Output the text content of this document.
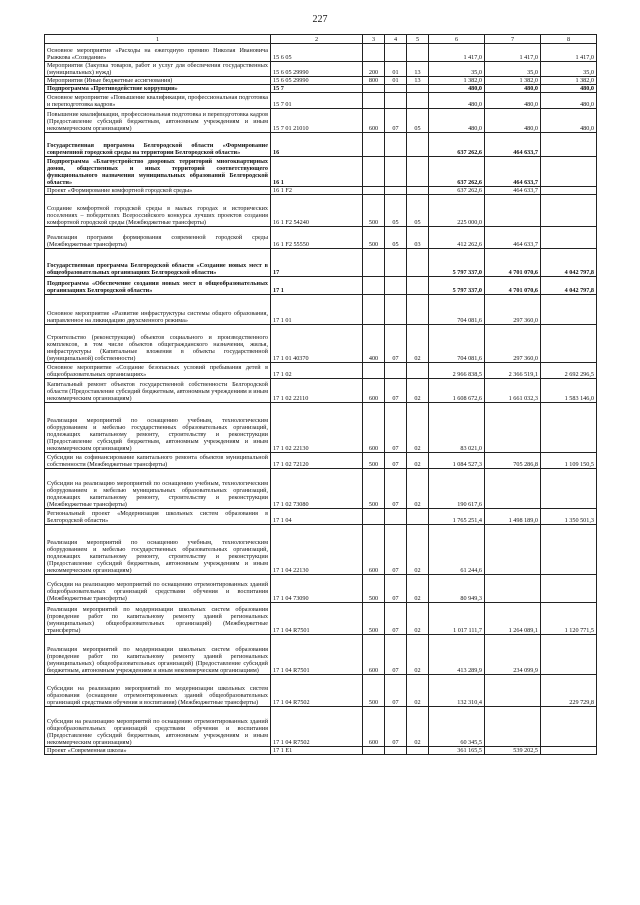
227
1	2	3	4	5	6	7	8
Основное мероприятие «Расходы на ежегодную премию Николая Ивановича Рыжкова «Созидание»	15 6 05				1 417,0	1 417,0	1 417,0
Мероприятия (Закупка товаров, работ и услуг для обеспечения государственных (муниципальных) нужд)	15 6 05 29990	200	01	13	35,0	35,0	35,0
Мероприятия (Иные бюджетные ассигнования)	15 6 05 29990	800	01	13	1 382,0	1 382,0	1 382,0
Подпрограмма «Противодействие коррупции»	15 7				480,0	480,0	480,0
Основное мероприятие «Повышение квалификации, профессиональная подготовка и переподготовка кадров»	15 7 01				480,0	480,0	480,0
Повышение квалификации, профессиональная подготовка и переподготовка кадров (Предоставление субсидий бюджетным, автономным учреждениям и иным некоммерческим организациям)	15 7 01 21010	600	07	05	480,0	480,0	480,0
Государственная программа Белгородской области «Формирование современной городской среды на территории Белгородской области»	16				637 262,6	464 633,7	
Подпрограмма «Благоустройство дворовых территорий многоквартирных домов, общественных и иных территорий соответствующего функционального назначения муниципальных образований Белгородской области»	16 1				637 262,6	464 633,7	
Проект «Формирование комфортной городской среды»	16 1 F2				637 262,6	464 633,7	
Создание комфортной городской среды в малых городах и исторических поселениях – победителях Всероссийского конкурса лучших проектов создания комфортной городской среды (Межбюджетные трансферты)	16 1 F2 54240	500	05	05	225 000,0		
Реализация программ формирования современной городской среды (Межбюджетные трансферты)	16 1 F2 55550	500	05	03	412 262,6	464 633,7	
Государственная программа Белгородской области «Создание новых мест в общеобразовательных организациях Белгородской области»	17				5 797 337,0	4 701 070,6	4 042 797,8
Подпрограмма «Обеспечение создания новых мест в общеобразовательных организациях Белгородской области»	17 1				5 797 337,0	4 701 070,6	4 042 797,8
Основное мероприятие «Развитие инфраструктуры системы общего образования, направленное на ликвидацию двухсменного режима»	17 1 01				704 081,6	297 360,0	
Строительство (реконструкция) объектов социального и производственного комплексов, в том числе объектов общегражданского назначения, жилья, инфраструктуры (Капитальные вложения в объекты государственной (муниципальной) собственности)	17 1 01 40370	400	07	02	704 081,6	297 360,0	
Основное мероприятие «Создание безопасных условий пребывания детей в общеобразовательных организациях»	17 1 02				2 966 838,5	2 366 519,1	2 692 296,5
Капитальный ремонт объектов государственной собственности Белгородской области (Предоставление субсидий бюджетным, автономным учреждениям и иным некоммерческим организациям)	17 1 02 22110	600	07	02	1 608 672,6	1 661 032,3	1 583 146,0
Реализация мероприятий по оснащению учебным, технологическим оборудованием и мебелью государственных образовательных организаций, подлежащих капитальному ремонту, строительству и реконструкции (Предоставление субсидий бюджетным, автономным учреждениям и иным некоммерческим организациям)	17 1 02 22130	600	07	02	83 021,0		
Субсидии на софинансирование капитального ремонта объектов муниципальной собственности (Межбюджетные трансферты)	17 1 02 72120	500	07	02	1 084 527,3	705 286,8	1 109 150,5
Субсидии на реализацию мероприятий по оснащению учебным, технологическим оборудованием и мебелью муниципальных образовательных организаций, подлежащих капитальному ремонту, строительству и реконструкции (Межбюджетные трансферты)	17 1 02 73080	500	07	02	190 617,6		
Региональный проект «Модернизация школьных систем образования в Белгородской области»	17 1 04				1 765 251,4	1 498 189,0	1 350 501,3
Реализация мероприятий по оснащению учебным, технологическим оборудованием и мебелью государственных образовательных организаций, подлежащих капитальному ремонту, строительству и реконструкции (Предоставление субсидий бюджетным, автономным учреждениям и иным некоммерческим организациям)	17 1 04 22130	600	07	02	61 244,6		
Субсидии на реализацию мероприятий по оснащению отремонтированных зданий общеобразовательных организаций средствами обучения и воспитания (Межбюджетные трансферты)	17 1 04 73090	500	07	02	80 949,3		
Реализация мероприятий по модернизации школьных систем образования (проведение работ по капитальному ремонту зданий региональных (муниципальных) общеобразовательных организаций) (Межбюджетные трансферты)	17 1 04 R7501	500	07	02	1 017 111,7	1 264 089,1	1 120 771,5
Реализация мероприятий по модернизации школьных систем образования (проведение работ по капитальному ремонту зданий региональных (муниципальных) общеобразовательных организаций) (Предоставление субсидий бюджетным, автономным учреждениям и иным некоммерческим организациям)	17 1 04 R7501	600	07	02	413 289,9	234 099,9	
Субсидии на реализацию мероприятий по модернизации школьных систем образования (оснащение отремонтированных зданий общеобразовательных организаций средствами обучения и воспитания) (Межбюджетные трансферты)	17 1 04 R7502	500	07	02	132 310,4		229 729,8
Субсидии на реализацию мероприятий по оснащению отремонтированных зданий общеобразовательных организаций средствами обучения и воспитания (Предоставление субсидий бюджетным, автономным учреждениям и иным некоммерческим организациям)	17 1 04 R7502	600	07	02	60 345,5		
Проект «Современная школа»	17 1 E1				361 165,5	539 202,5	
